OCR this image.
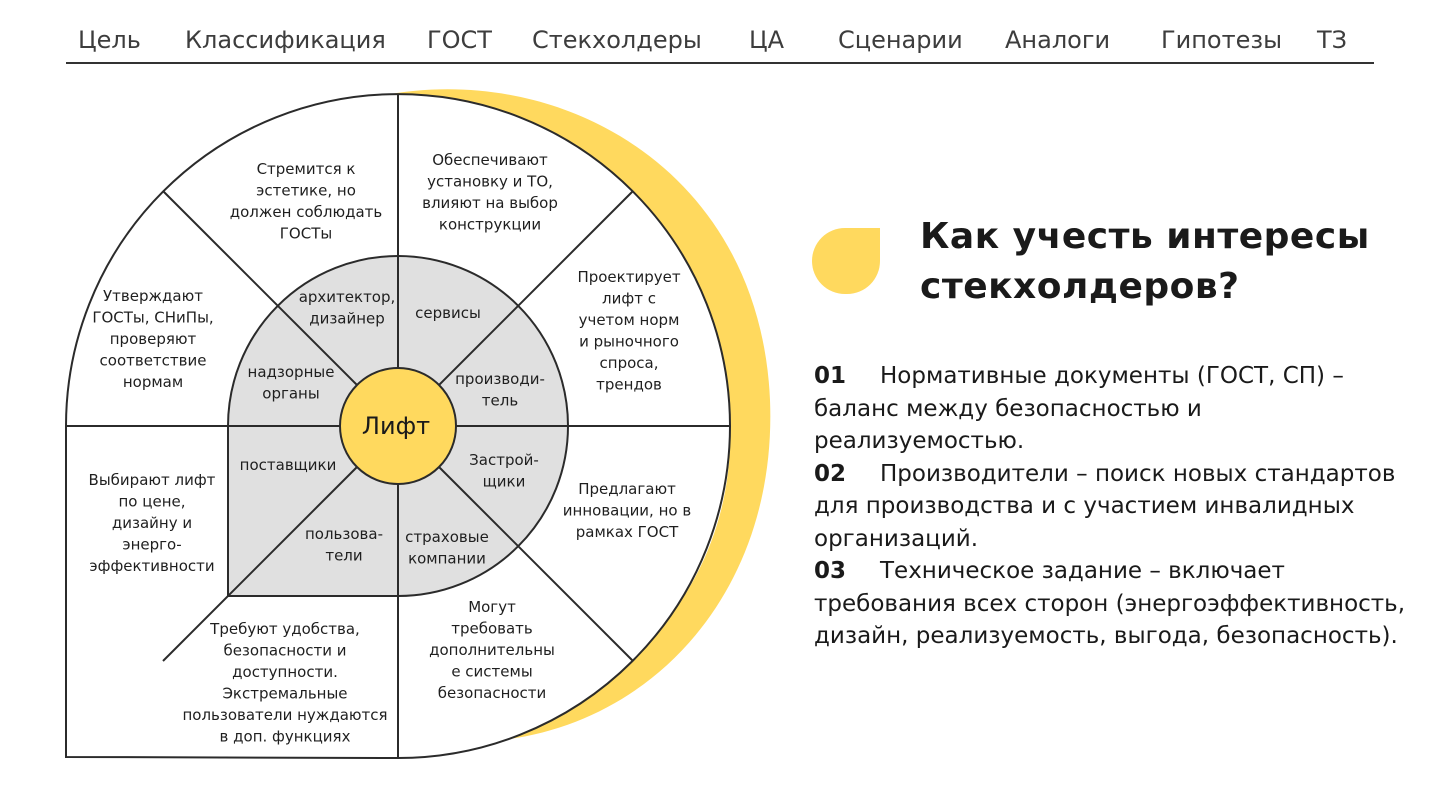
Цель Классификация ГОСТ Стекхолдеры ЦА Сценарии Аналоги Гипотезы ТЗ
Лифт
архитектор, дизайнер	сервисы
производи-тель
Застрой-щики
страховые компании
пользова-тели
поставщики
надзорные органы
Стремится к эстетике, но должен соблюдать ГОСТы
Обеспечивают установку и ТО, влияют на выбор конструкции
Проектирует лифт с учетом норм и рыночного спроса, трендов
Предлагают инновации, но в рамках ГОСТ
Могут требовать дополнительны е системы безопасности
Требуют удобства, безопасности и доступности. Экстремальные пользователи нуждаются в доп. функциях
Выбирают лифт по цене, дизайну и энерго-эффективности
Утверждают ГОСТы, СНиПы, проверяют соответствие нормам
Как учесть интересы
стекхолдеров?

01 Нормативные документы (ГОСТ, СП) – баланс между безопасностью и реализуемостью.

02 Производители – поиск новых стандартов для производства и с участием инвалидных организаций.

03 Техническое задание – включает требования всех сторон (энергоэффективность, дизайн, реализуемость, выгода, безопасность).
